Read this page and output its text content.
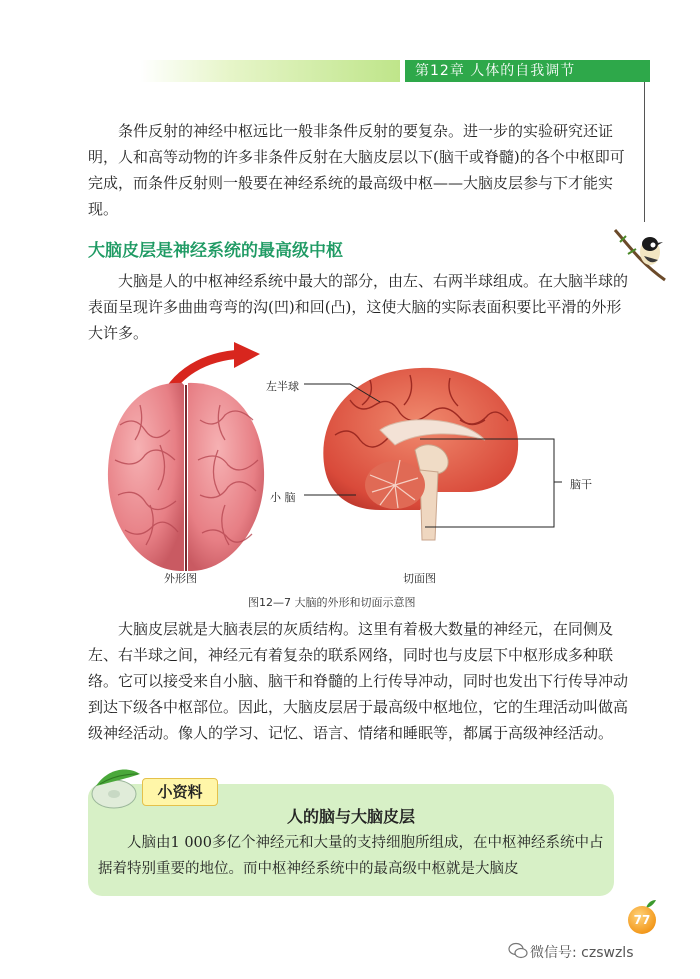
第12章 人体的自我调节

条件反射的神经中枢远比一般非条件反射的要复杂。进一步的实验研究还证明，人和高等动物的许多非条件反射在大脑皮层以下(脑干或脊髓)的各个中枢即可完成，而条件反射则一般要在神经系统的最高级中枢——大脑皮层参与下才能实现。

大脑皮层是神经系统的最高级中枢

大脑是人的中枢神经系统中最大的部分，由左、右两半球组成。在大脑半球的表面呈现许多曲曲弯弯的沟(凹)和回(凸)，这使大脑的实际表面积要比平滑的外形大许多。

左半球
小 脑
脑干
外形图	切面图
图12—7 大脑的外形和切面示意图

大脑皮层就是大脑表层的灰质结构。这里有着极大数量的神经元，在同侧及左、右半球之间，神经元有着复杂的联系网络，同时也与皮层下中枢形成多种联络。它可以接受来自小脑、脑干和脊髓的上行传导冲动，同时也发出下行传导冲动到达下级各中枢部位。因此，大脑皮层居于最高级中枢地位，它的生理活动叫做高级神经活动。像人的学习、记忆、语言、情绪和睡眠等，都属于高级神经活动。

小资料
人的脑与大脑皮层

人脑由1 000多亿个神经元和大量的支持细胞所组成，在中枢神经系统中占据着特别重要的地位。而中枢神经系统中的最高级中枢就是大脑皮

77
微信号: czswzls
